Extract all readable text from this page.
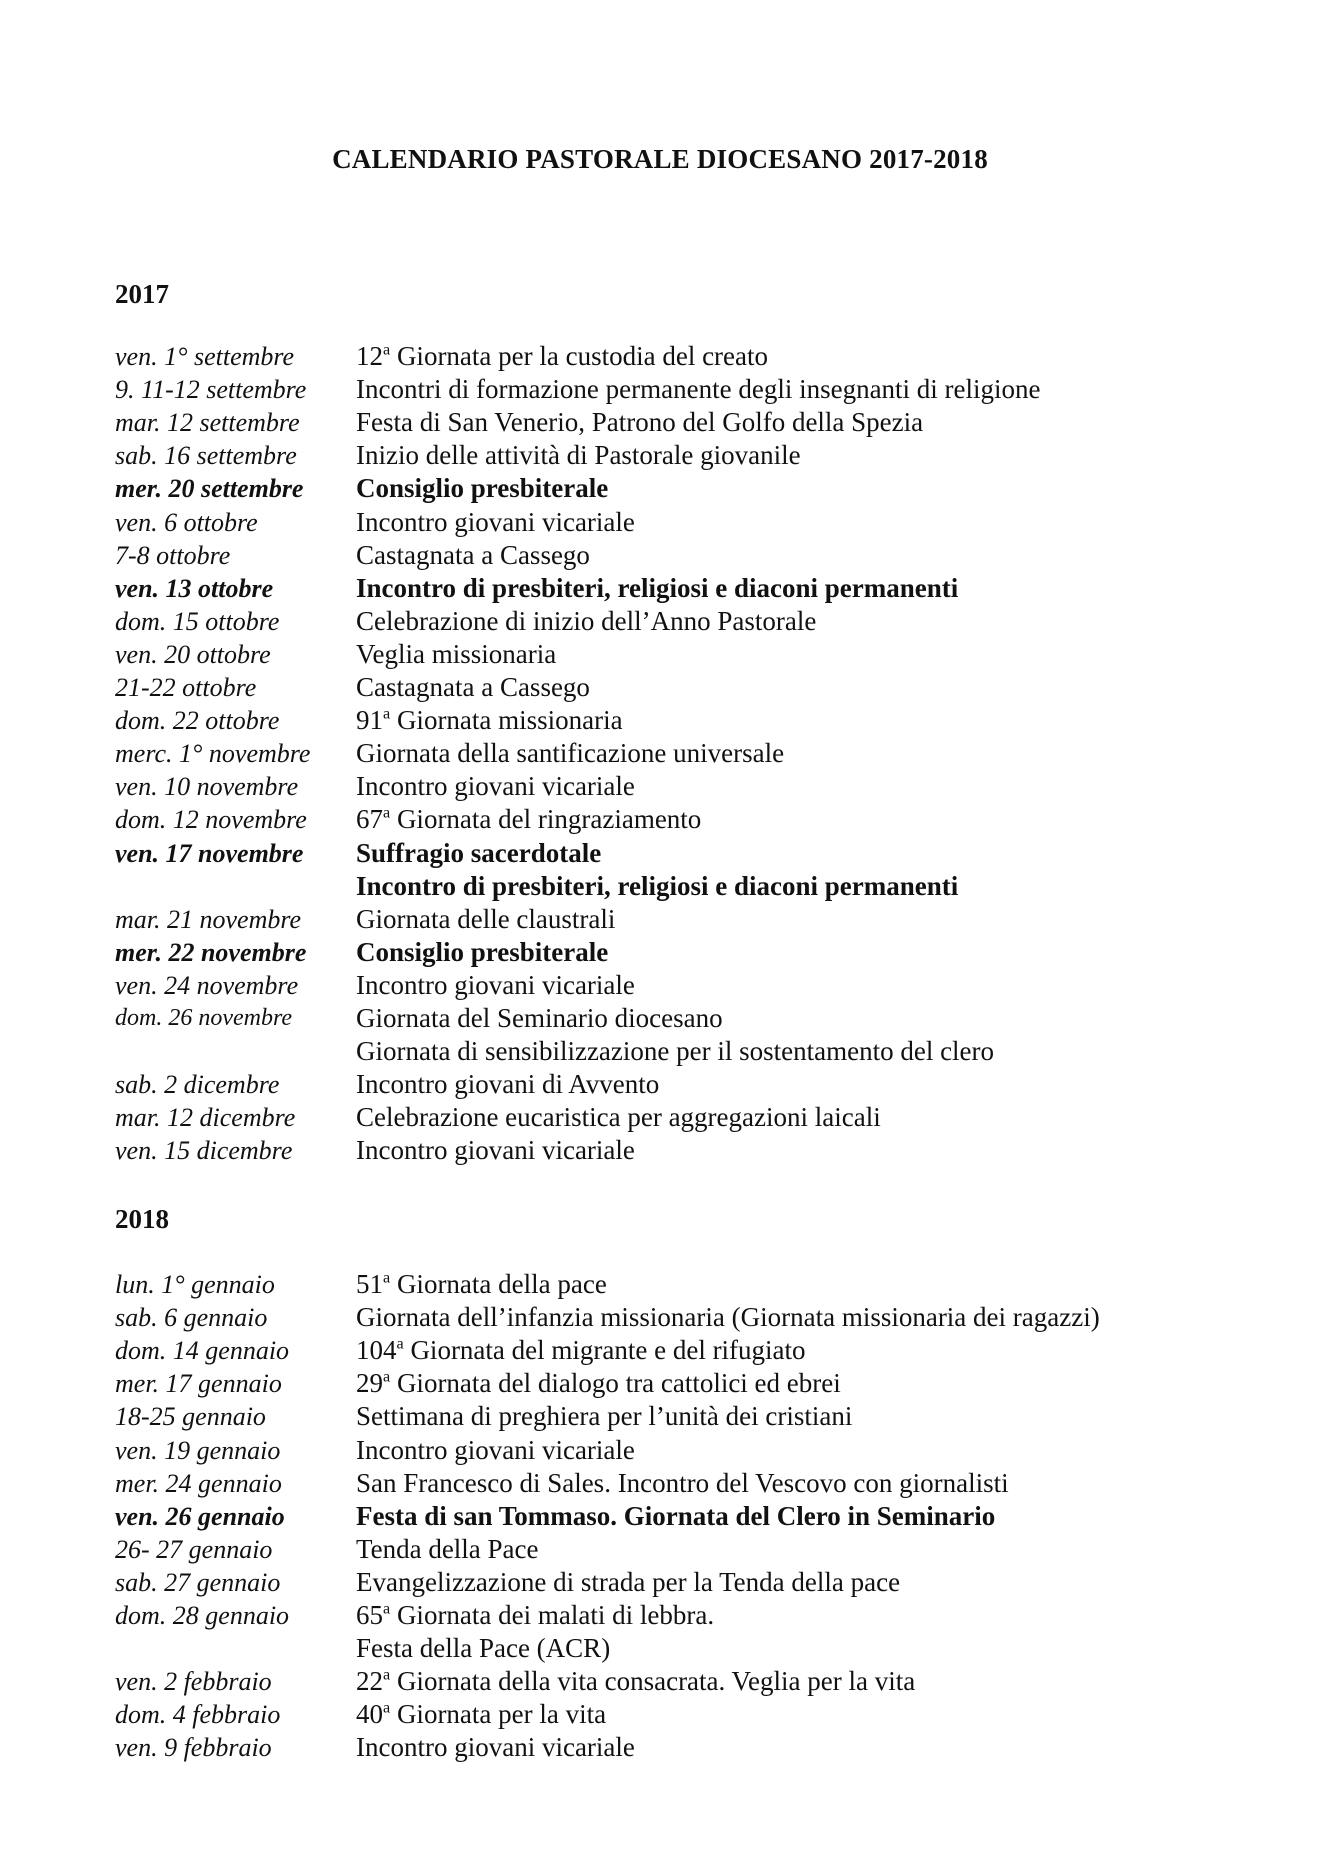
CALENDARIO PASTORALE DIOCESANO 2017-2018
2017
ven. 1° settembre	12$^a$ Giornata per la custodia del creato
9. 11-12 settembre	Incontri di formazione permanente degli insegnanti di religione
mar. 12 settembre	Festa di San Venerio, Patrono del Golfo della Spezia
sab. 16 settembre	Inizio delle attività di Pastorale giovanile
mer. 20 settembre	Consiglio presbiterale
ven. 6 ottobre	Incontro giovani vicariale
7-8 ottobre	Castagnata a Cassego
ven. 13 ottobre	Incontro di presbiteri, religiosi e diaconi permanenti
dom. 15 ottobre	Celebrazione di inizio dell’Anno Pastorale
ven. 20 ottobre	Veglia missionaria
21-22 ottobre	Castagnata a Cassego
dom. 22 ottobre	91$^a$ Giornata missionaria
merc. 1° novembre	Giornata della santificazione universale
ven. 10 novembre	Incontro giovani vicariale
dom. 12 novembre	67$^a$ Giornata del ringraziamento
ven. 17 novembre	Suffragio sacerdotale
Incontro di presbiteri, religiosi e diaconi permanenti
mar. 21 novembre	Giornata delle claustrali
mer. 22 novembre	Consiglio presbiterale
ven. 24 novembre	Incontro giovani vicariale
dom. 26 novembre	Giornata del Seminario diocesano
Giornata di sensibilizzazione per il sostentamento del clero
sab. 2 dicembre	Incontro giovani di Avvento
mar. 12 dicembre	Celebrazione eucaristica per aggregazioni laicali
ven. 15 dicembre	Incontro giovani vicariale
2018
lun. 1° gennaio	51$^a$ Giornata della pace
sab. 6 gennaio	Giornata dell’infanzia missionaria (Giornata missionaria dei ragazzi)
dom. 14 gennaio	104$^a$ Giornata del migrante e del rifugiato
mer. 17 gennaio	29$^a$ Giornata del dialogo tra cattolici ed ebrei
18-25 gennaio	Settimana di preghiera per l’unità dei cristiani
ven. 19 gennaio	Incontro giovani vicariale
mer. 24 gennaio	San Francesco di Sales. Incontro del Vescovo con giornalisti
ven. 26 gennaio	Festa di san Tommaso. Giornata del Clero in Seminario
26- 27 gennaio	Tenda della Pace
sab. 27 gennaio	Evangelizzazione di strada per la Tenda della pace
dom. 28 gennaio	65$^a$ Giornata dei malati di lebbra.
Festa della Pace (ACR)
ven. 2 febbraio	22$^a$ Giornata della vita consacrata. Veglia per la vita
dom. 4 febbraio	40$^a$ Giornata per la vita
ven. 9 febbraio	Incontro giovani vicariale
